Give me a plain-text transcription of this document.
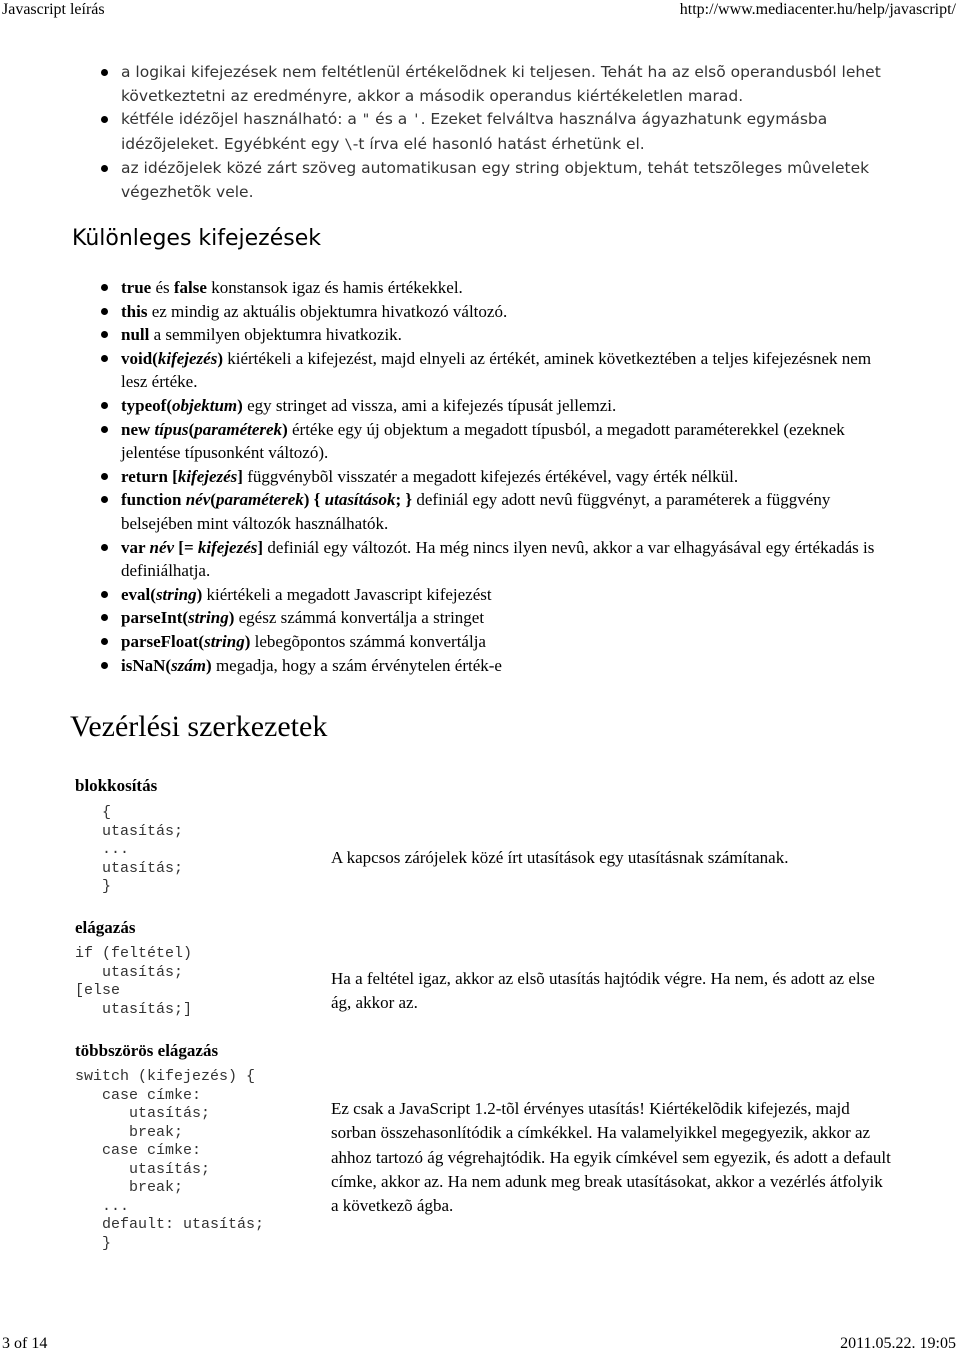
Javascript leírás	http://www.mediacenter.hu/help/javascript/
a logikai kifejezések nem feltétlenül értékelõdnek ki teljesen. Tehát ha az elsõ operandusból lehet következtetni az eredményre, akkor a második operandus kiértékeletlen marad.
kétféle idézõjel használható: a " és a '. Ezeket felváltva használva ágyazhatunk egymásba idézõjeleket. Egyébként egy \-t írva elé hasonló hatást érhetünk el.
az idézõjelek közé zárt szöveg automatikusan egy string objektum, tehát tetszõleges mûveletek végezhetõk vele.
Különleges kifejezések
true és false konstansok igaz és hamis értékekkel.
this ez mindig az aktuális objektumra hivatkozó változó.
null a semmilyen objektumra hivatkozik.
void(kifejezés) kiértékeli a kifejezést, majd elnyeli az értékét, aminek következtében a teljes kifejezésnek nem lesz értéke.
typeof(objektum) egy stringet ad vissza, ami a kifejezés típusát jellemzi.
new típus(paraméterek) értéke egy új objektum a megadott típusból, a megadott paraméterekkel (ezeknek jelentése típusonként változó).
return [kifejezés] függvénybõl visszatér a megadott kifejezés értékével, vagy érték nélkül.
function név(paraméterek) { utasítások; } definiál egy adott nevû függvényt, a paraméterek a függvény belsejében mint változók használhatók.
var név [= kifejezés] definiál egy változót. Ha még nincs ilyen nevû, akkor a var elhagyásával egy értékadás is definiálhatja.
eval(string) kiértékeli a megadott Javascript kifejezést
parseInt(string) egész számmá konvertálja a stringet
parseFloat(string) lebegõpontos számmá konvertálja
isNaN(szám) megadja, hogy a szám érvénytelen érték-e
Vezérlési szerkezetek
blokkosítás
{
utasítás;
...
utasítás;
}

A kapcsos zárójelek közé írt utasítások egy utasításnak számítanak.

elágazás
if (feltétel)
utasítás;
[else
utasítás;]

Ha a feltétel igaz, akkor az elsõ utasítás hajtódik végre. Ha nem, és adott az else ág, akkor az.

többszörös elágazás
switch (kifejezés) {
case címke:
utasítás;
break;
case címke:
utasítás;
break;
...
default: utasítás;
}

Ez csak a JavaScript 1.2-tõl érvényes utasítás! Kiértékelõdik kifejezés, majd sorban összehasonlítódik a címkékkel. Ha valamelyikkel megegyezik, akkor az ahhoz tartozó ág végrehajtódik. Ha egyik címkével sem egyezik, és adott a default címke, akkor az. Ha nem adunk meg break utasításokat, akkor a vezérlés átfolyik a következõ ágba.

3 of 14	2011.05.22. 19:05
